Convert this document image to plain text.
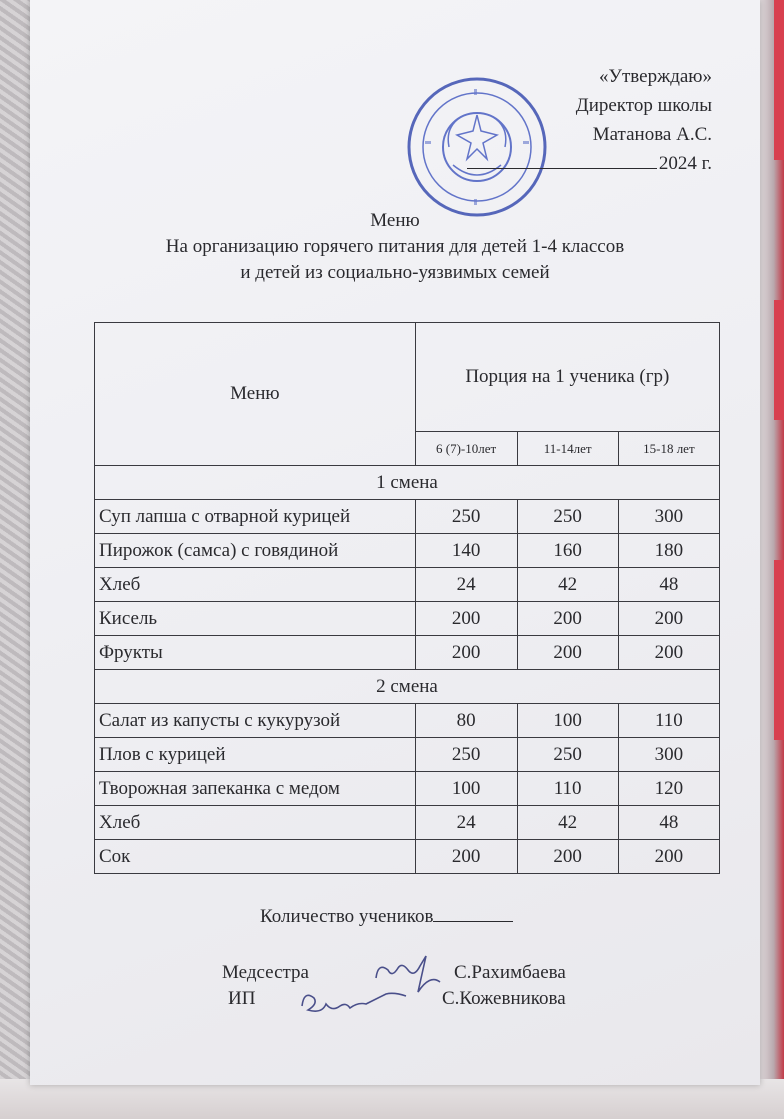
«Утверждаю»
Директор школы
Матанова А.С.
2024 г.
Меню
На организацию горячего питания для детей 1-4 классов
и детей из социально-уязвимых семей
Меню	Порция на 1 ученика (гр)		
	6 (7)-10лет	11-14лет	15-18 лет
1 смена			
Суп лапша с отварной курицей	250	250	300
Пирожок (самса) с говядиной	140	160	180
Хлеб	24	42	48
Кисель	200	200	200
Фрукты	200	200	200
2 смена			
Салат из капусты с кукурузой	80	100	110
Плов с курицей	250	250	300
Творожная запеканка с медом	100	110	120
Хлеб	24	42	48
Сок	200	200	200
Количество учеников
Медсестра	С.Рахимбаева
ИП	С.Кожевникова
